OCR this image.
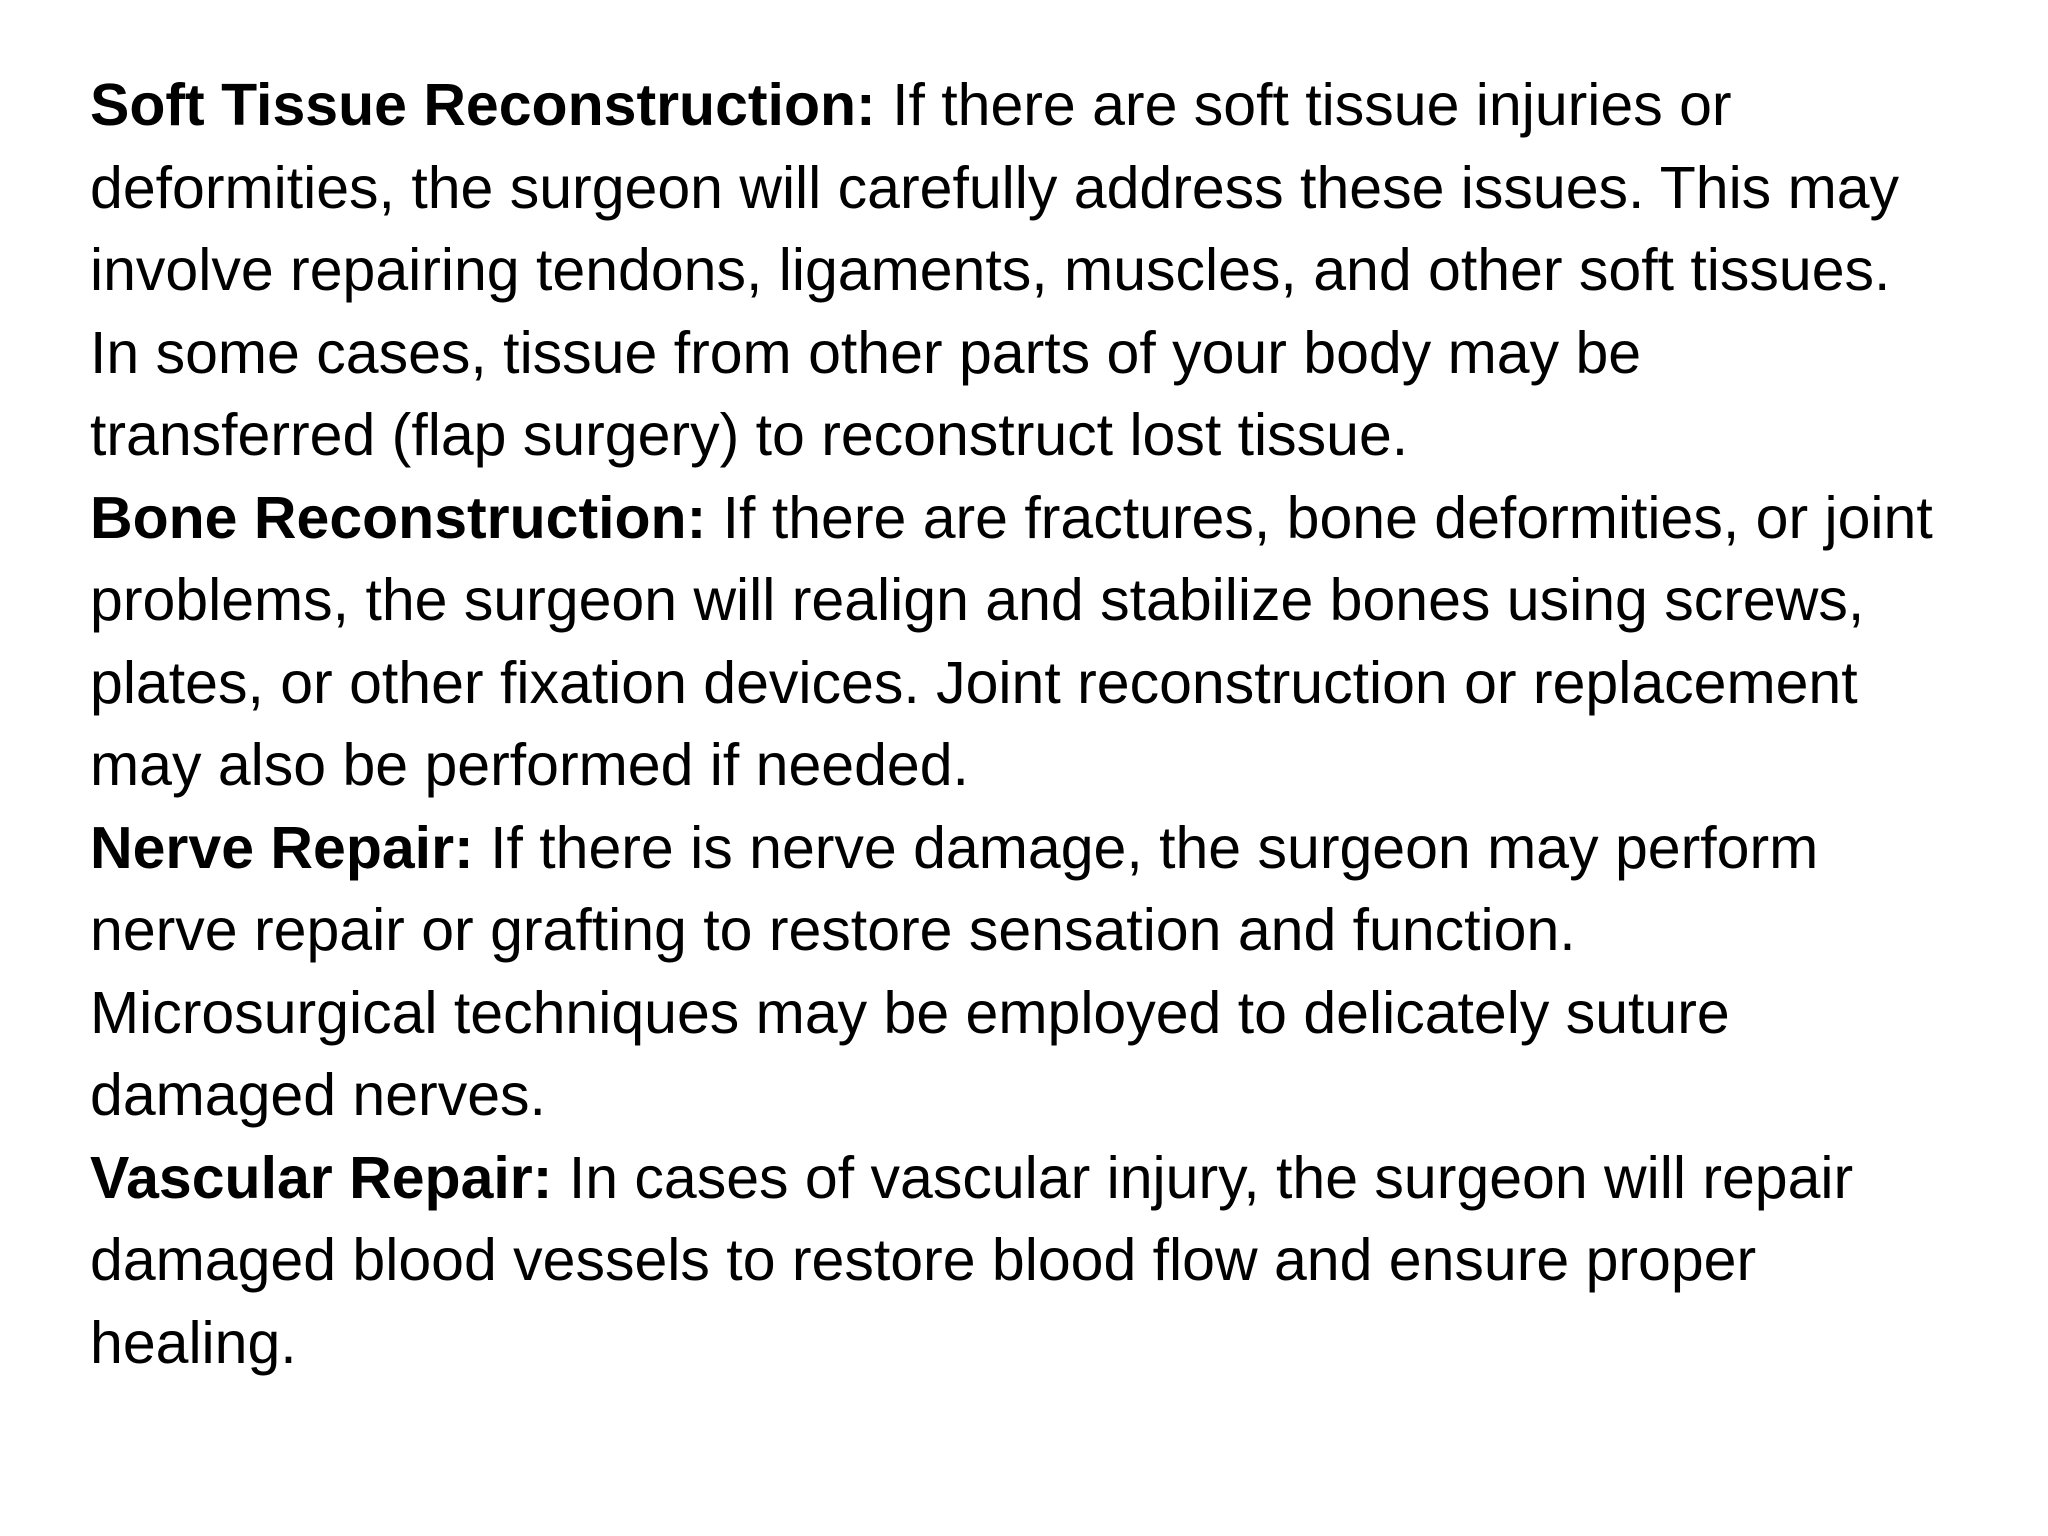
Soft Tissue Reconstruction: If there are soft tissue injuries or
deformities, the surgeon will carefully address these issues. This may
involve repairing tendons, ligaments, muscles, and other soft tissues.
In some cases, tissue from other parts of your body may be
transferred (flap surgery) to reconstruct lost tissue.

Bone Reconstruction: If there are fractures, bone deformities, or joint
problems, the surgeon will realign and stabilize bones using screws,
plates, or other fixation devices. Joint reconstruction or replacement
may also be performed if needed.

Nerve Repair: If there is nerve damage, the surgeon may perform
nerve repair or grafting to restore sensation and function.
Microsurgical techniques may be employed to delicately suture
damaged nerves.

Vascular Repair: In cases of vascular injury, the surgeon will repair
damaged blood vessels to restore blood flow and ensure proper
healing.
